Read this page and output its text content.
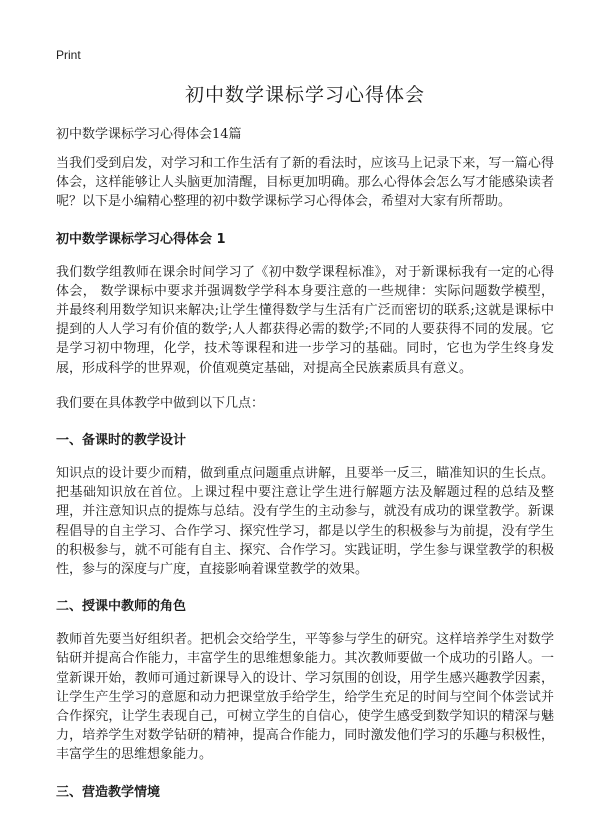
Print
初中数学课标学习心得体会
初中数学课标学习心得体会14篇

当我们受到启发，对学习和工作生活有了新的看法时，应该马上记录下来，写一篇心得体会，这样能够让人头脑更加清醒，目标更加明确。那么心得体会怎么写才能感染读者呢？以下是小编精心整理的初中数学课标学习心得体会，希望对大家有所帮助。

初中数学课标学习心得体会 1

我们数学组教师在课余时间学习了《初中数学课程标准》，对于新课标我有一定的心得体会， 数学课标中要求并强调数学学科本身要注意的一些规律：实际问题数学模型，并最终利用数学知识来解决;让学生懂得数学与生活有广泛而密切的联系;这就是课标中提到的人人学习有价值的数学;人人都获得必需的数学;不同的人要获得不同的发展。它是学习初中物理，化学，技术等课程和进一步学习的基础。同时，它也为学生终身发展，形成科学的世界观，价值观奠定基础，对提高全民族素质具有意义。

我们要在具体教学中做到以下几点：

一、备课时的教学设计

知识点的设计要少而精，做到重点问题重点讲解，且要举一反三，瞄准知识的生长点。把基础知识放在首位。上课过程中要注意让学生进行解题方法及解题过程的总结及整理，并注意知识点的提炼与总结。没有学生的主动参与，就没有成功的课堂教学。新课程倡导的自主学习、合作学习、探究性学习，都是以学生的积极参与为前提，没有学生的积极参与，就不可能有自主、探究、合作学习。实践证明，学生参与课堂教学的积极性，参与的深度与广度，直接影响着课堂教学的效果。

二、授课中教师的角色

教师首先要当好组织者。把机会交给学生，平等参与学生的研究。这样培养学生对数学钻研并提高合作能力，丰富学生的思维想象能力。其次教师要做一个成功的引路人。一堂新课开始，教师可通过新课导入的设计、学习氛围的创设，用学生感兴趣教学因素，让学生产生学习的意愿和动力把课堂放手给学生，给学生充足的时间与空间个体尝试并合作探究，让学生表现自己，可树立学生的自信心，使学生感受到数学知识的精深与魅力，培养学生对数学钻研的精神，提高合作能力，同时激发他们学习的乐趣与积极性，丰富学生的思维想象能力。

三、营造教学情境
